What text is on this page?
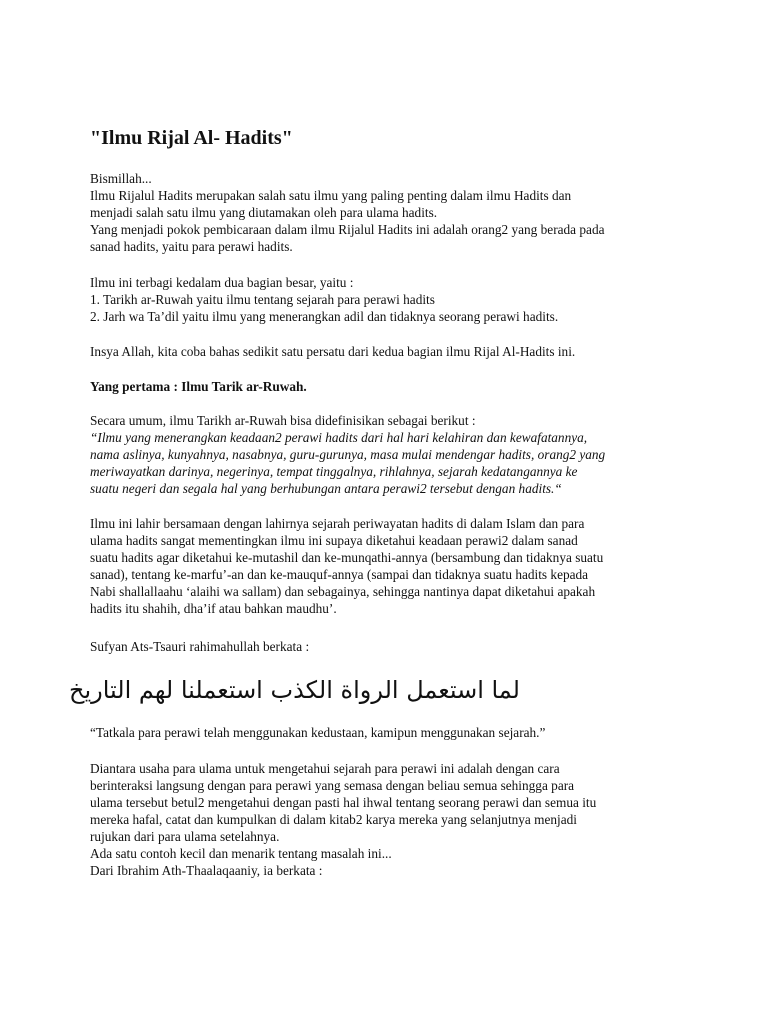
"Ilmu Rijal Al- Hadits"

Bismillah...

Ilmu Rijalul Hadits merupakan salah satu ilmu yang paling penting dalam ilmu Hadits dan

menjadi salah satu ilmu yang diutamakan oleh para ulama hadits.

Yang menjadi pokok pembicaraan dalam ilmu Rijalul Hadits ini adalah orang2 yang berada pada

sanad hadits, yaitu para perawi hadits.

Ilmu ini terbagi kedalam dua bagian besar, yaitu :

1. Tarikh ar-Ruwah yaitu ilmu tentang sejarah para perawi hadits

2. Jarh wa Ta’dil yaitu ilmu yang menerangkan adil dan tidaknya seorang perawi hadits.

Insya Allah, kita coba bahas sedikit satu persatu dari kedua bagian ilmu Rijal Al-Hadits ini.

Yang pertama : Ilmu Tarik ar-Ruwah.

Secara umum, ilmu Tarikh ar-Ruwah bisa didefinisikan sebagai berikut :

“Ilmu yang menerangkan keadaan2 perawi hadits dari hal hari kelahiran dan kewafatannya,

nama aslinya, kunyahnya, nasabnya, guru-gurunya, masa mulai mendengar hadits, orang2 yang

meriwayatkan darinya, negerinya, tempat tinggalnya, rihlahnya, sejarah kedatangannya ke

suatu negeri dan segala hal yang berhubungan antara perawi2 tersebut dengan hadits.“

Ilmu ini lahir bersamaan dengan lahirnya sejarah periwayatan hadits di dalam Islam dan para

ulama hadits sangat mementingkan ilmu ini supaya diketahui keadaan perawi2 dalam sanad

suatu hadits agar diketahui ke-mutashil dan ke-munqathi-annya (bersambung dan tidaknya suatu

sanad), tentang ke-marfu’-an dan ke-mauquf-annya (sampai dan tidaknya suatu hadits kepada

Nabi shallallaahu ‘alaihi wa sallam) dan sebagainya, sehingga nantinya dapat diketahui apakah

hadits itu shahih, dha’if atau bahkan maudhu’.

Sufyan Ats-Tsauri rahimahullah berkata :

لما استعمل الرواة الكذب استعملنا لهم التاريخ

“Tatkala para perawi telah menggunakan kedustaan, kamipun menggunakan sejarah.”

Diantara usaha para ulama untuk mengetahui sejarah para perawi ini adalah dengan cara

berinteraksi langsung dengan para perawi yang semasa dengan beliau semua sehingga para

ulama tersebut betul2 mengetahui dengan pasti hal ihwal tentang seorang perawi dan semua itu

mereka hafal, catat dan kumpulkan di dalam kitab2 karya mereka yang selanjutnya menjadi

rujukan dari para ulama setelahnya.

Ada satu contoh kecil dan menarik tentang masalah ini...

Dari Ibrahim Ath-Thaalaqaaniy, ia berkata :
